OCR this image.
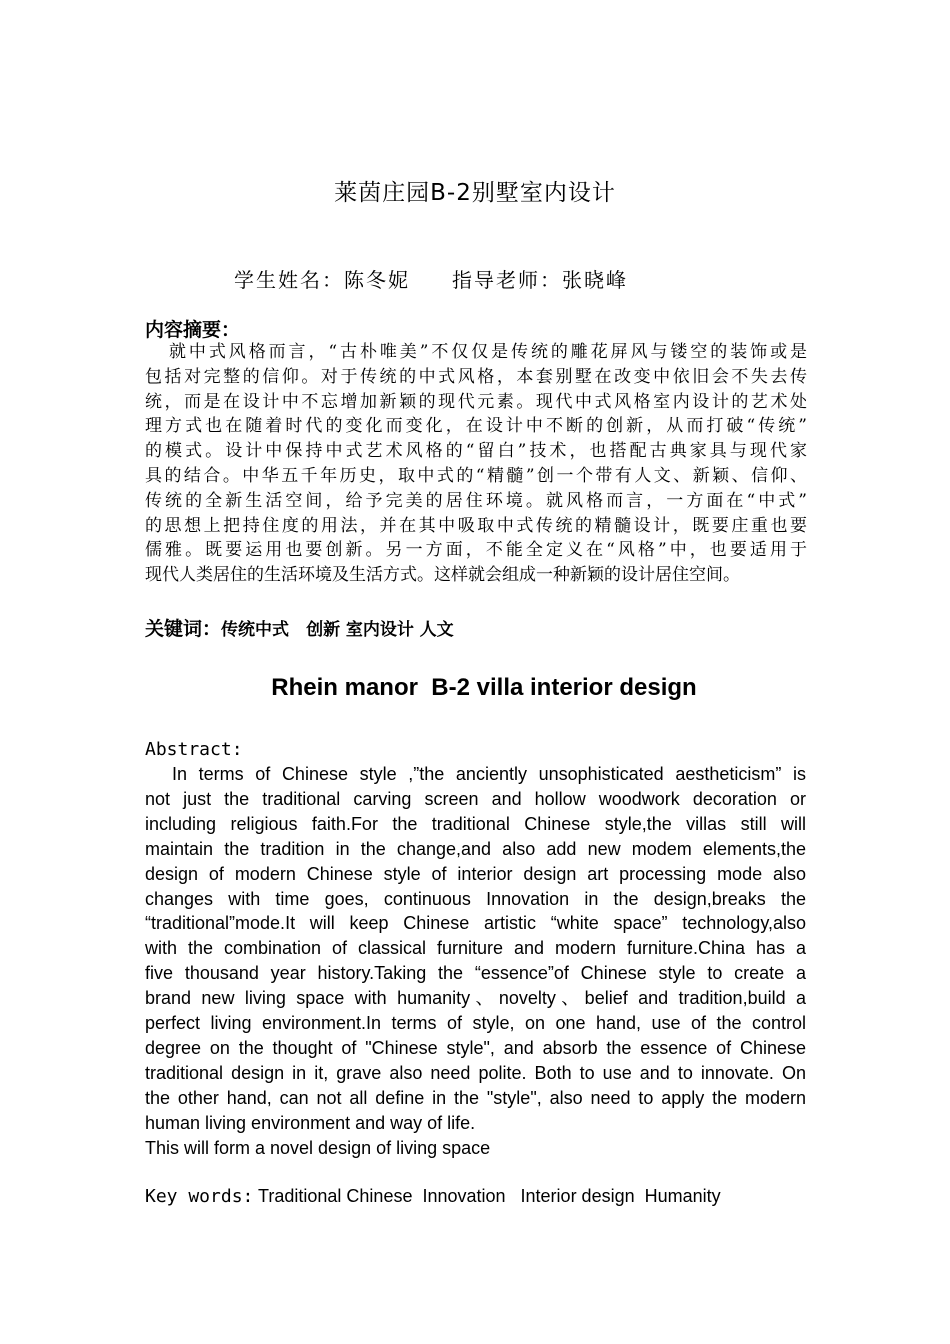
莱茵庄园B-2别墅室内设计
学生姓名：陈冬妮 指导老师：张晓峰
内容摘要：
就中式风格而言，“古朴唯美”不仅仅是传统的雕花屏风与镂空的装饰或是
包括对完整的信仰。对于传统的中式风格，本套别墅在改变中依旧会不失去传
统，而是在设计中不忘增加新颖的现代元素。现代中式风格室内设计的艺术处
理方式也在随着时代的变化而变化，在设计中不断的创新，从而打破“传统”
的模式。设计中保持中式艺术风格的“留白”技术，也搭配古典家具与现代家
具的结合。中华五千年历史，取中式的“精髓”创一个带有人文、新颖、信仰、
传统的全新生活空间，给予完美的居住环境。就风格而言，一方面在“中式”
的思想上把持住度的用法，并在其中吸取中式传统的精髓设计，既要庄重也要
儒雅。既要运用也要创新。另一方面，不能全定义在“风格”中，也要适用于
现代人类居住的生活环境及生活方式。这样就会组成一种新颖的设计居住空间。
关键词：传统中式 创新 室内设计 人文
Rhein manor  B-2 villa interior design
Abstract:
In terms of Chinese style ,”the anciently unsophisticated aestheticism” is
not just the traditional carving screen and hollow woodwork decoration or
including religious faith.For the traditional Chinese style,the villas still will
maintain the tradition in the change,and also add new modem elements,the
design of modern Chinese style of interior design art processing mode also
changes with time goes, continuous Innovation in the design,breaks the
“traditional”mode.It will keep Chinese artistic “white space” technology,also
with the combination of classical furniture and modern furniture.China has a
five thousand year history.Taking the “essence”of Chinese style to create a
brand new living space with humanity、novelty、belief and tradition,build a
perfect living environment.In terms of style, on one hand, use of the control
degree on the thought of "Chinese style", and absorb the essence of Chinese
traditional design in it, grave also need polite. Both to use and to innovate. On
the other hand, can not all define in the "style", also need to apply the modern
human living environment and way of life.
This will form a novel design of living space
Key words: Traditional Chinese  Innovation   Interior design  Humanity
